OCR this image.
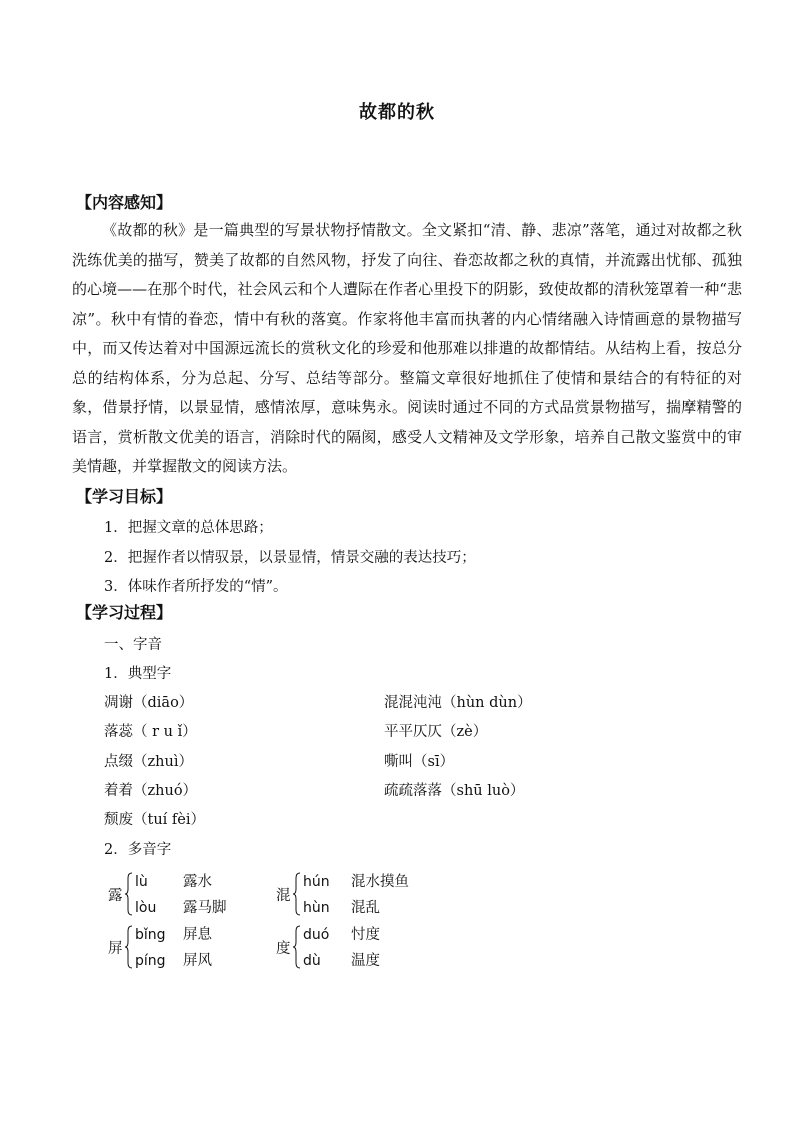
故都的秋
【内容感知】

《故都的秋》是一篇典型的写景状物抒情散文。全文紧扣“清、静、悲凉”落笔，通过对故都之秋洗练优美的描写，赞美了故都的自然风物，抒发了向往、眷恋故都之秋的真情，并流露出忧郁、孤独的心境——在那个时代，社会风云和个人遭际在作者心里投下的阴影，致使故都的清秋笼罩着一种“悲凉”。秋中有情的眷恋，情中有秋的落寞。作家将他丰富而执著的内心情绪融入诗情画意的景物描写中，而又传达着对中国源远流长的赏秋文化的珍爱和他那难以排遣的故都情结。从结构上看，按总分总的结构体系，分为总起、分写、总结等部分。整篇文章很好地抓住了使情和景结合的有特征的对象，借景抒情，以景显情，感情浓厚，意味隽永。阅读时通过不同的方式品赏景物描写，揣摩精警的语言，赏析散文优美的语言，消除时代的隔阂，感受人文精神及文学形象，培养自己散文鉴赏中的审美情趣，并掌握散文的阅读方法。

【学习目标】
1．把握文章的总体思路；
2．把握作者以情驭景，以景显情，情景交融的表达技巧；
3．体味作者所抒发的“情”。
【学习过程】
一、字音
1．典型字
凋谢（diāo）
落蕊（ r u ǐ）
点缀（zhuì）
着着（zhuó）
颓废（tuí fèi）
混混沌沌（hùn dùn）
平平仄仄（zè）
嘶叫（sī）
疏疏落落（shū luò）
2．多音字
露
lù 露水
lòu 露马脚
混
hún 混水摸鱼
hùn 混乱
屏
bǐng 屏息
píng 屏风
度
duó 忖度
dù 温度
